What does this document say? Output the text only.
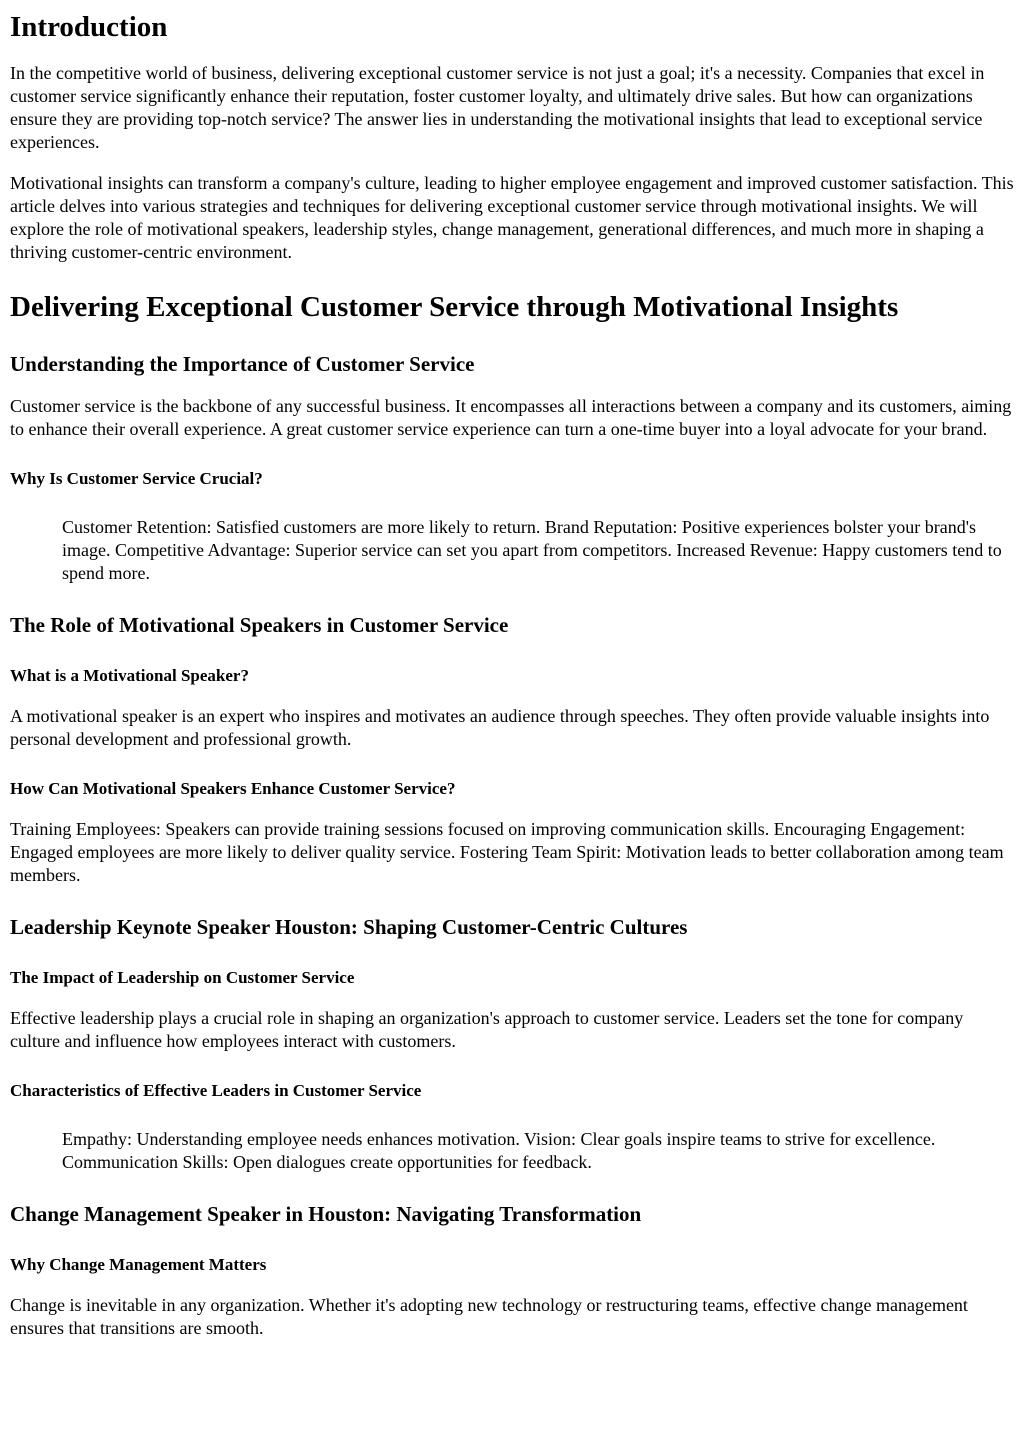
Introduction

In the competitive world of business, delivering exceptional customer service is not just a goal; it's a necessity. Companies that excel in customer service significantly enhance their reputation, foster customer loyalty, and ultimately drive sales. But how can organizations ensure they are providing top-notch service? The answer lies in understanding the motivational insights that lead to exceptional service experiences.

Motivational insights can transform a company's culture, leading to higher employee engagement and improved customer satisfaction. This article delves into various strategies and techniques for delivering exceptional customer service through motivational insights. We will explore the role of motivational speakers, leadership styles, change management, generational differences, and much more in shaping a thriving customer-centric environment.

Delivering Exceptional Customer Service through Motivational Insights
Understanding the Importance of Customer Service

Customer service is the backbone of any successful business. It encompasses all interactions between a company and its customers, aiming to enhance their overall experience. A great customer service experience can turn a one-time buyer into a loyal advocate for your brand.

Why Is Customer Service Crucial?
Customer Retention: Satisfied customers are more likely to return. Brand Reputation: Positive experiences bolster your brand's image. Competitive Advantage: Superior service can set you apart from competitors. Increased Revenue: Happy customers tend to spend more.
The Role of Motivational Speakers in Customer Service
What is a Motivational Speaker?

A motivational speaker is an expert who inspires and motivates an audience through speeches. They often provide valuable insights into personal development and professional growth.

How Can Motivational Speakers Enhance Customer Service?

Training Employees: Speakers can provide training sessions focused on improving communication skills. Encouraging Engagement: Engaged employees are more likely to deliver quality service. Fostering Team Spirit: Motivation leads to better collaboration among team members.

Leadership Keynote Speaker Houston: Shaping Customer-Centric Cultures
The Impact of Leadership on Customer Service

Effective leadership plays a crucial role in shaping an organization's approach to customer service. Leaders set the tone for company culture and influence how employees interact with customers.

Characteristics of Effective Leaders in Customer Service
Empathy: Understanding employee needs enhances motivation. Vision: Clear goals inspire teams to strive for excellence. Communication Skills: Open dialogues create opportunities for feedback.
Change Management Speaker in Houston: Navigating Transformation
Why Change Management Matters

Change is inevitable in any organization. Whether it's adopting new technology or restructuring teams, effective change management ensures that transitions are smooth.
